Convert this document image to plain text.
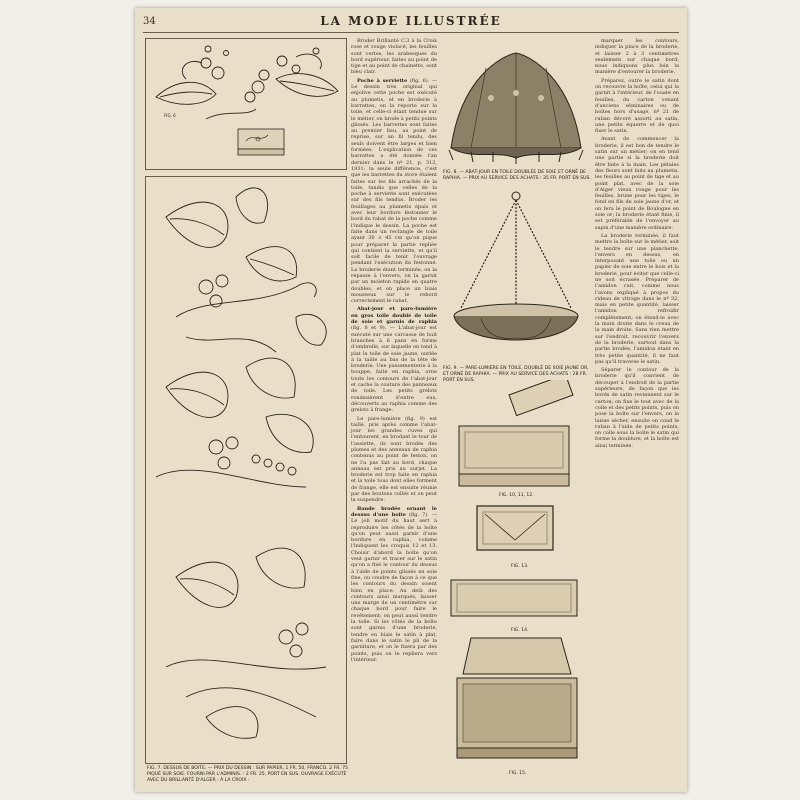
34	LA MODE ILLUSTRÉE
FIG. 6
FIG. 7. DESSUS DE BOITE. — PRIX DU DESSIN : SUR PAPIER, 1 FR. 50, FRANCO, 2 FR. 75 PIQUÉ SUR SOIE. FOURNI PAR L'ADMINIS. : 2 FR. 25, PORT EN SUS. OUVRAGE EXÉCUTÉ AVEC DU BRILLANTÉ D'ALGER · À LA CROIX ·

Broder Brillanté C.3 à la Croix rose et rouge violacé, les feuilles sont vertes, les arabesques du bord supérieur, faites au point de tige et au point de chainette, sont bleu clair.

Poche à serviette (fig. 6). — Le dessin très original qui enjolive cette poche est exécuté au plumetis, et en broderie à barrettes, on la reporte sur la toile, et celle-ci étant tendue sur le métier, on brode à petits points glissés. Les barrettes sont faites au premier lieu, au point de reprise, sur un fil tendu, des seuls doivent être larges et bien formées. L'explication de ces barrettes a été donnée l'an dernier dans le nº 21, p. 312, 1931; la seule différence, c'est que les barrettes du store étaient faites sur les fils arrachés de la toile, tandis que celles de la poche à serviette sont exécutées sur des fils tendus. Broder les feuillages au plumetis épais et avec leur bordure festonner le bord du rabat de la poche comme l'indique le dessin. La poche est faite dans un rectangle de toile ayant 30 × 45 cm qu'on pique pour préparer la partie repliée qui contient la serviette, et qu'il soit facile de tenir l'ouvrage pendant l'exécution du festonné. La broderie étant terminée, on la repasse à l'envers, on la garnit par un moleton rapide en quatre doubles, et on place un biais mousseux sur le rebord correctement le rabat.

Abat-jour et pare-lumière en gros toile doublé de toile de soie et garnis de raphia (fig. 8 et 9). — L'abat-jour est exécuté sur une carcasse de huit branches à 6 pans en forme d'ombrelle, sur laquelle on tend à plat la toile de soie jaune, ourlée à la taille au bas de la tête de broderie. Une passementerie à la houppe, faite en raphia, orne toute les contours de l'abat-jour et cache la couture des panneaux de toile. Les petits grelots rondssièrent d'entre eux, découverts au raphia comme des grelots à frange.

Le pare-lumière (fig. 9) est taillé, pris après comme l'abat-jour les grandes cuves qui l'entourent, en brodant le tour de l'assiette, ils sont brodés des plumes et des anneaux de raphia contenus au point de feston, on ne l'a pas fait au bord, chaque anneau est pris au surjet. La broderie est trop faite en raphia et la toile tous dont elles forment de frange, elle est ensuite réunie par des boutons collés et on peut la suspendre.

Bande brodée ornant le dessus d'une boite (fig. 7). — Le joli motif du haut sert à reproduire les côtés de la boîte qu'on peut aussi garnir d'une bordure en raphia, comme l'indiquent les croquis 12 et 13. Choisir d'abord la boîte qu'on veut garnir et tracer sur le satin qu'on a fixé le contour du dessus à l'aide de points glissés en soie fine, ou coudre de façon à ce que les contours du dessin soient bien en place. Au delà des contours ainsi marqués, laisser une marge de un centimètre sur chaque bord pour faire le revêtement; on peut aussi tendre la toile. Si les côtés de la boîte sont garnis d'une broderie, tendre en biais le satin à plat, faire dans le satin le pli de la garniture, et on le fixera par des points, puis on le repliera vers l'intérieur.

FIG. 8. — ABAT-JOUR EN TOILE DOUBLÉE DE SOIE ET ORNÉ DE RAPHIA. — PRIX AU SERVICE DES ACHATS : 35 FR. PORT EN SUS.
FIG. 9. — PARE-LUMIÈRE EN TOILE, DOUBLÉ DE SOIE JAUNE OR, ET ORNÉ DE RAPHIA. — PRIX AU SERVICE DES ACHATS : 28 FR. PORT EN SUS.
FIG. 10, 11, 12.
FIG. 13.
FIG. 14.
FIG. 15.

marquer les contours, indiquer la place de la broderie, et laisser 2 à 3 centimètres seulement sur chaque bord; nous indiquons plus loin la manière d'entourer la broderie.

Préparez, outre le satin dont on recouvre la boîte, celui qui la garnit à l'intérieur, de l'ouate en feuilles, du carton venant d'anciens séminaires ou de boîtes hors d'usage, nº 21 de ruban décoré assorti au satin, une petite équerre et de quoi fixer le satin.

Avant de commencer la broderie, il est bon de tendre le satin sur un métier; on en tend une partie si la broderie doit être faite à la main. Les pétales des fleurs sont faits au plumetis, les feuilles au point de tige et au point plat, avec de la soie d'Alger vieux rouge pour les feuilles, brune pour les tiges, le fond en fils de soie jaune d'or, et on fera le point de Boulogne en soie or; la broderie étant finie, il est préférable de l'envoyer au sapin d'une manière ordinaire.

La broderie terminée, il faut mettre la boîte sur le métier, soit le tendre sur une planchette, l'envers en dessus, en interposant une toile ou un papier de soie entre le bois et la broderie, pour éviter que celle-ci ne soit écrasée. Préparer de l'amidon cuit, comme nous l'avons expliqué à propos du rideau de vitrage dans le nº 32, mais en petite quantité, laisser l'amidon refroidir complètement; on étend-le avec la main droite dans le creux de la main droite. Sans rien mettre sur l'endroit, recouvrir l'envers de la broderie, surtout dans la partie brodée, l'amidon étant en très petite quantité, il ne faut pas qu'il traverse le satin.

Séparer le contour de la broderie qu'il convient de découper à l'endroit de la partie supérieure, de façon que les bords de satin reviennent sur le carton; on fixe le tout avec de la colle et des petits points, puis on pose la boîte sur l'envers, on la laisse sécher, ensuite on coud le ruban à l'aide de petits points, on colle sous la boîte le satin qui forme la doublure, et la boîte est ainsi terminée.
